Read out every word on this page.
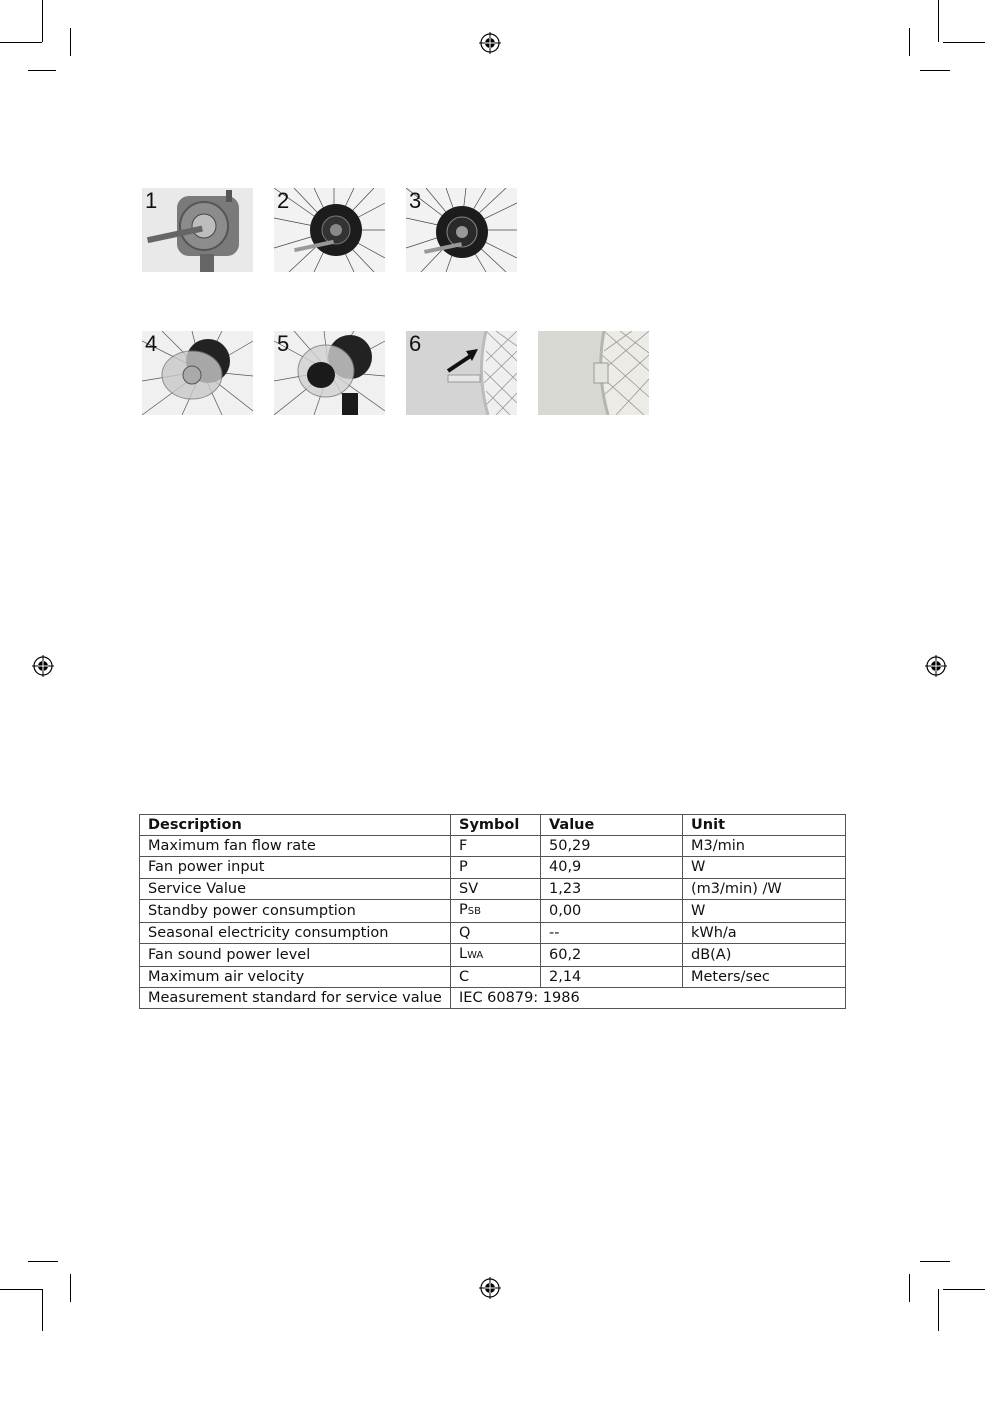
1	2	3
4	5	6
Description	Symbol	Value	Unit
Maximum fan flow rate	F	50,29	M3/min
Fan power input	P	40,9	W
Service Value	SV	1,23	(m3/min) /W
Standby power consumption	PSB	0,00	W
Seasonal electricity consumption	Q	--	kWh/a
Fan sound power level	LWA	60,2	dB(A)
Maximum air velocity	C	2,14	Meters/sec
Measurement standard for service value	IEC 60879: 1986		
